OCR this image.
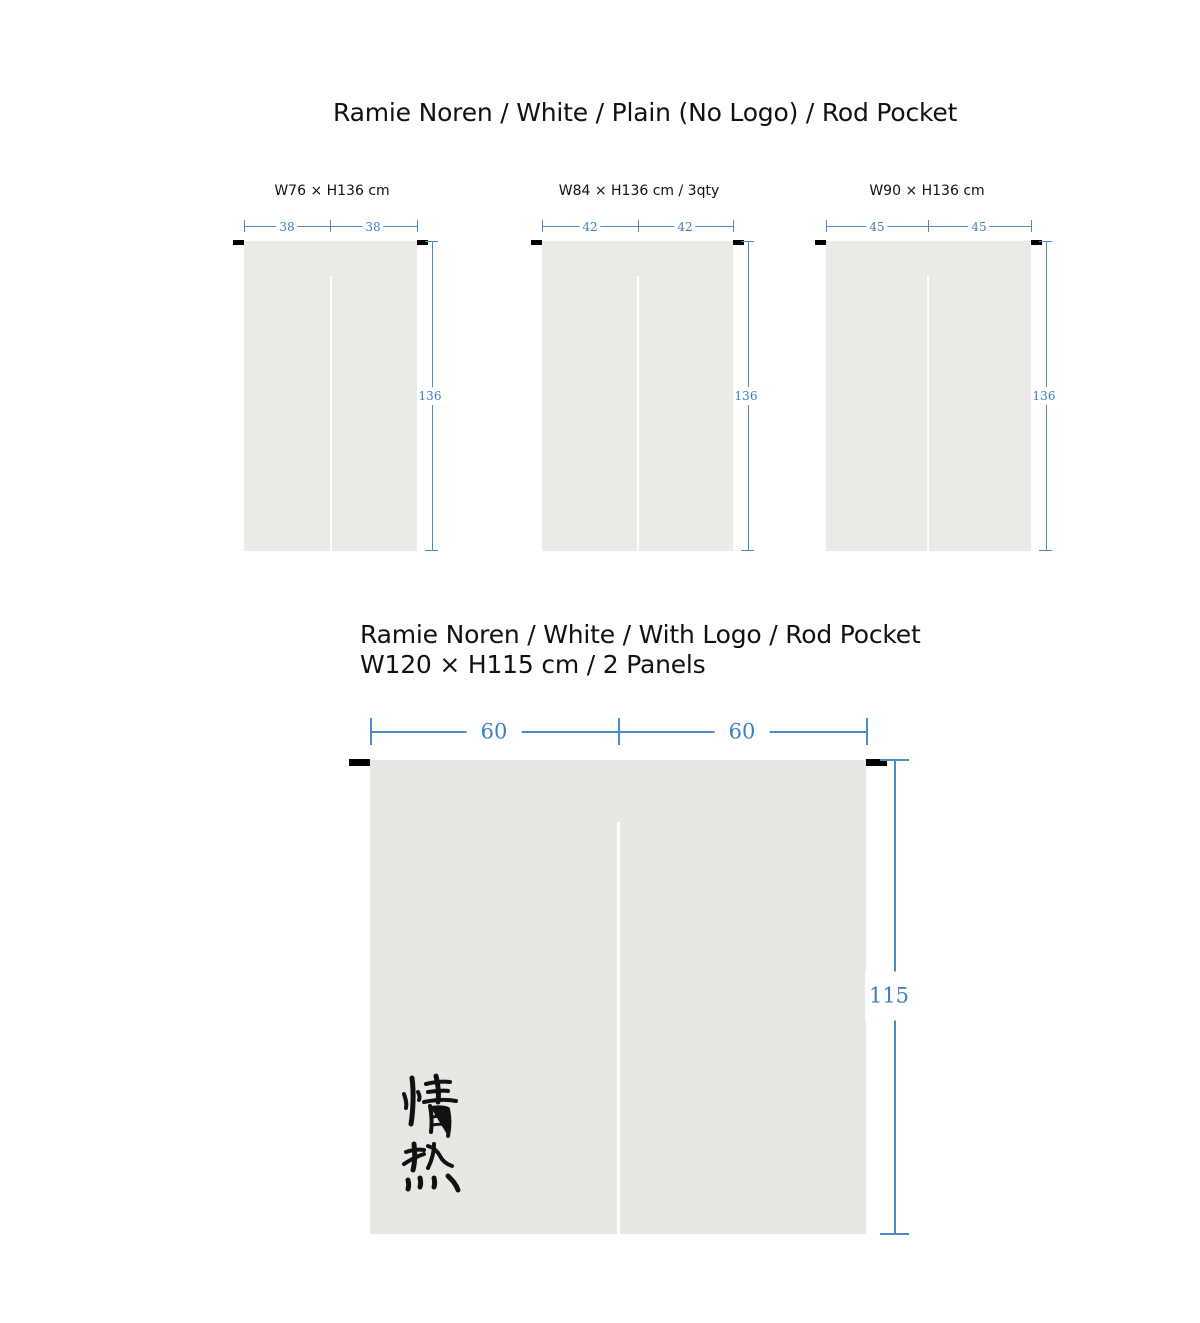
Ramie Noren / White / Plain (No Logo) / Rod Pocket
W76 × H136 cm
38	38
136
W84 × H136 cm / 3qty
42	42
136
W90 × H136 cm
45	45
136
Ramie Noren / White / With Logo / Rod Pocket
W120 × H115 cm / 2 Panels
60	60
115
